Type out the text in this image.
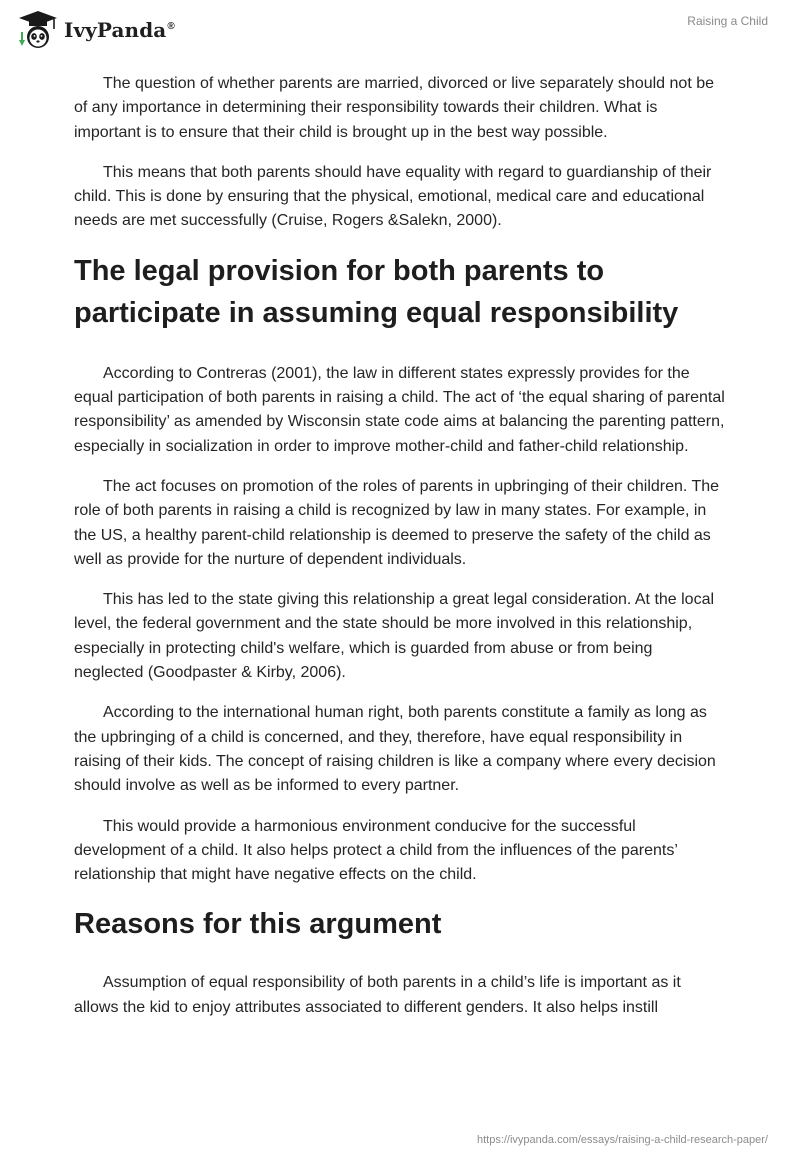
IvyPanda®	Raising a Child

The question of whether parents are married, divorced or live separately should not be of any importance in determining their responsibility towards their children. What is important is to ensure that their child is brought up in the best way possible.

This means that both parents should have equality with regard to guardianship of their child. This is done by ensuring that the physical, emotional, medical care and educational needs are met successfully (Cruise, Rogers &Salekn, 2000).

The legal provision for both parents to participate in assuming equal responsibility

According to Contreras (2001), the law in different states expressly provides for the equal participation of both parents in raising a child. The act of ‘the equal sharing of parental responsibility’ as amended by Wisconsin state code aims at balancing the parenting pattern, especially in socialization in order to improve mother-child and father-child relationship.

The act focuses on promotion of the roles of parents in upbringing of their children. The role of both parents in raising a child is recognized by law in many states. For example, in the US, a healthy parent-child relationship is deemed to preserve the safety of the child as well as provide for the nurture of dependent individuals.

This has led to the state giving this relationship a great legal consideration. At the local level, the federal government and the state should be more involved in this relationship, especially in protecting child's welfare, which is guarded from abuse or from being neglected (Goodpaster & Kirby, 2006).

According to the international human right, both parents constitute a family as long as the upbringing of a child is concerned, and they, therefore, have equal responsibility in raising of their kids. The concept of raising children is like a company where every decision should involve as well as be informed to every partner.

This would provide a harmonious environment conducive for the successful development of a child. It also helps protect a child from the influences of the parents’ relationship that might have negative effects on the child.

Reasons for this argument

Assumption of equal responsibility of both parents in a child’s life is important as it allows the kid to enjoy attributes associated to different genders. It also helps instill

https://ivypanda.com/essays/raising-a-child-research-paper/
